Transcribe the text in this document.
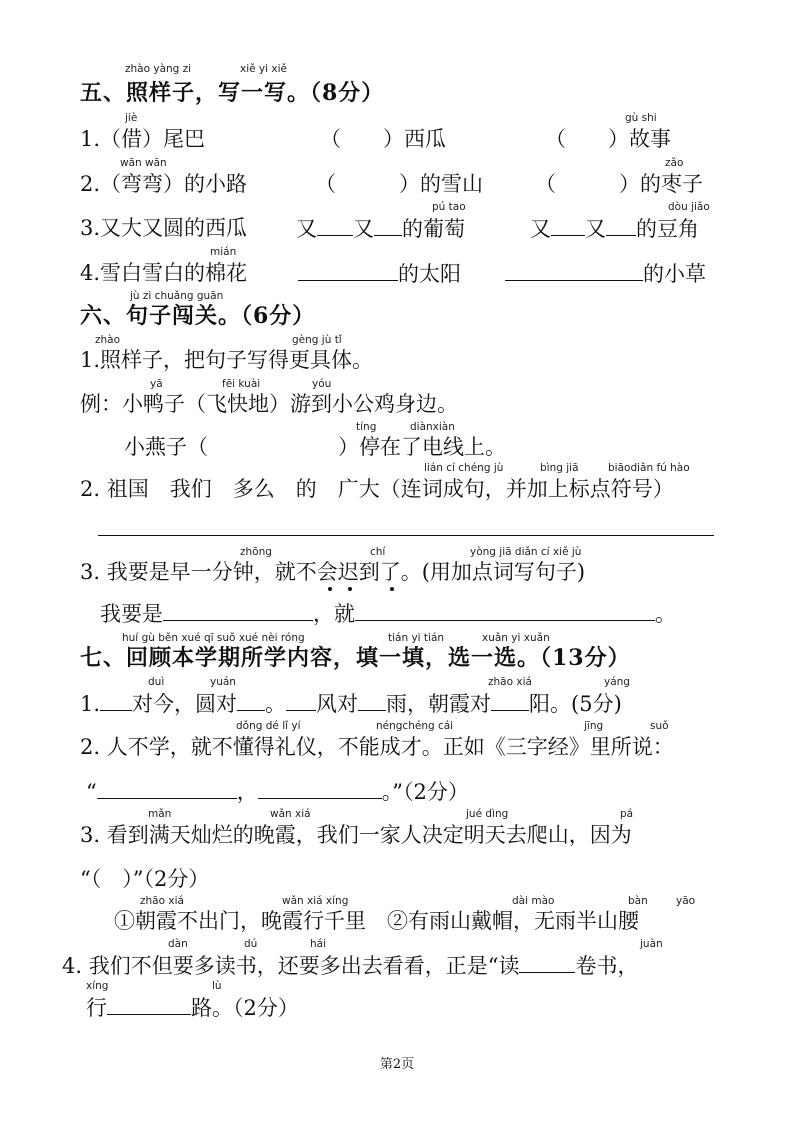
zhào yàng zi	xiě yi xiě
五、照样子，写一写。（8分）
jiè	gù shi
1.（借）尾巴	（　　）西瓜	（　　）故事
wān wān	zǎo
2.（弯弯）的小路	（　　　）的雪山 （　　　）的枣子
pú tao	dòu jiǎo
3.又大又圆的西瓜 又 又 的葡萄	又 又 的豆角
mián
4.雪白雪白的棉花	的太阳	的小草
jù zi chuǎng guān
六、句子闯关。（6分）
zhào	gèng jù tǐ
1.照样子，把句子写得更具体。
yā	fēi kuài	yóu
例：小鸭子（飞快地）游到小公鸡身边。
tíng	diànxiàn
小燕子（	）停在了电线上。
lián cí chéng jù	bìng jiā	biāodiǎn fú hào
2. 祖国　我们　多么　的　广大（连词成句，并加上标点符号）
zhōng	chí	yòng jiā diǎn cí xiě jù
3. 我要是早一分钟，就不会迟到了。(用加点词写句子)
我要是	，就	。
huí gù běn xué qī suǒ xué nèi róng	tián yi tián	xuǎn yi xuǎn
七、回顾本学期所学内容，填一填，选一选。（13分）
duì	yuán	zhāo xiá	yáng
1. 对今，圆对 。 风对 雨，朝霞对 阳。(5分)
dǒng dé lǐ yí	néngchéng cái	jīng	suǒ
2. 人不学，就不懂得礼仪，不能成才。正如《三字经》里所说：
“	，	。”（2分）
mǎn	wǎn xiá	jué dìng	pá
3. 看到满天灿烂的晚霞，我们一家人决定明天去爬山，因为
“（　）”（2分）
zhāo xiá	wǎn xiá xíng	dài mào	bàn	yāo
①朝霞不出门，晚霞行千里　②有雨山戴帽，无雨半山腰
dàn	dú	hái	juàn
4. 我们不但要多读书，还要多出去看看，正是“读	卷书，
xíng	lù
行	路。（2分）
第2页
